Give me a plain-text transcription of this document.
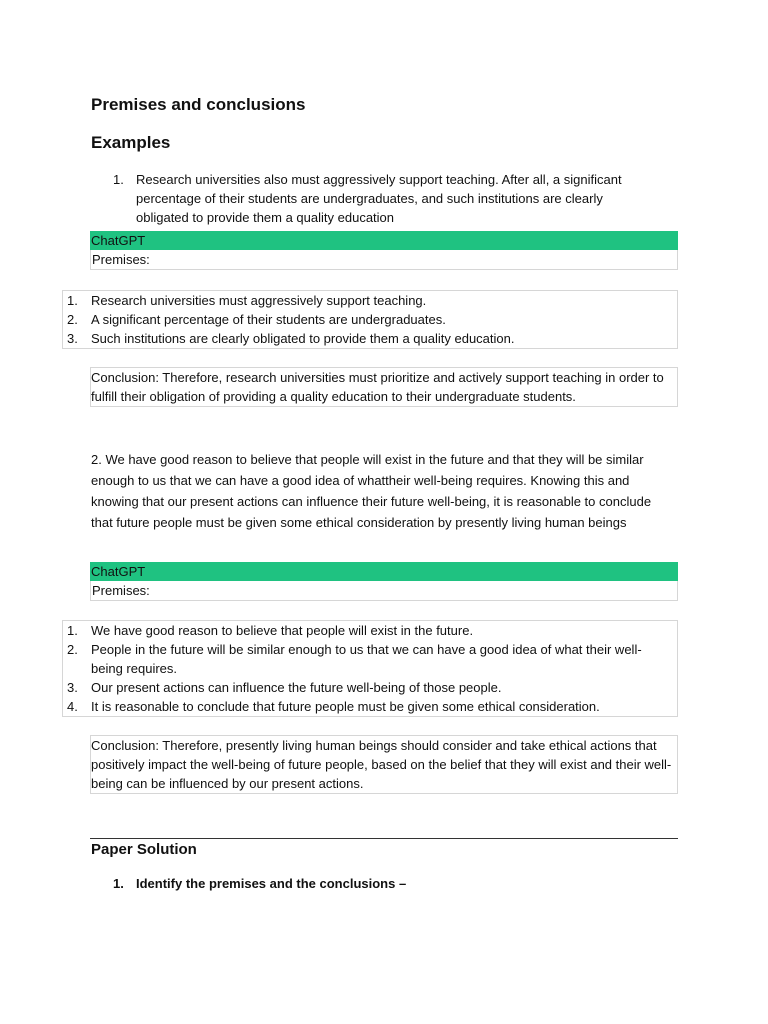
Premises and conclusions
Examples

1. Research universities also must aggressively support teaching. After all, a significant percentage of their students are undergraduates, and such institutions are clearly obligated to provide them a quality education

ChatGPT
Premises:
1. Research universities must aggressively support teaching.
2. A significant percentage of their students are undergraduates.
3. Such institutions are clearly obligated to provide them a quality education.
Conclusion: Therefore, research universities must prioritize and actively support teaching in order to fulfill their obligation of providing a quality education to their undergraduate students.

2. We have good reason to believe that people will exist in the future and that they will be similar enough to us that we can have a good idea of whattheir well-being requires. Knowing this and knowing that our present actions can influence their future well-being, it is reasonable to conclude that future people must be given some ethical consideration by presently living human beings

ChatGPT
Premises:
1. We have good reason to believe that people will exist in the future.
2. People in the future will be similar enough to us that we can have a good idea of what their well-being requires.
3. Our present actions can influence the future well-being of those people.
4. It is reasonable to conclude that future people must be given some ethical consideration.
Conclusion: Therefore, presently living human beings should consider and take ethical actions that positively impact the well-being of future people, based on the belief that they will exist and their well-being can be influenced by our present actions.
Paper Solution
1. Identify the premises and the conclusions –
